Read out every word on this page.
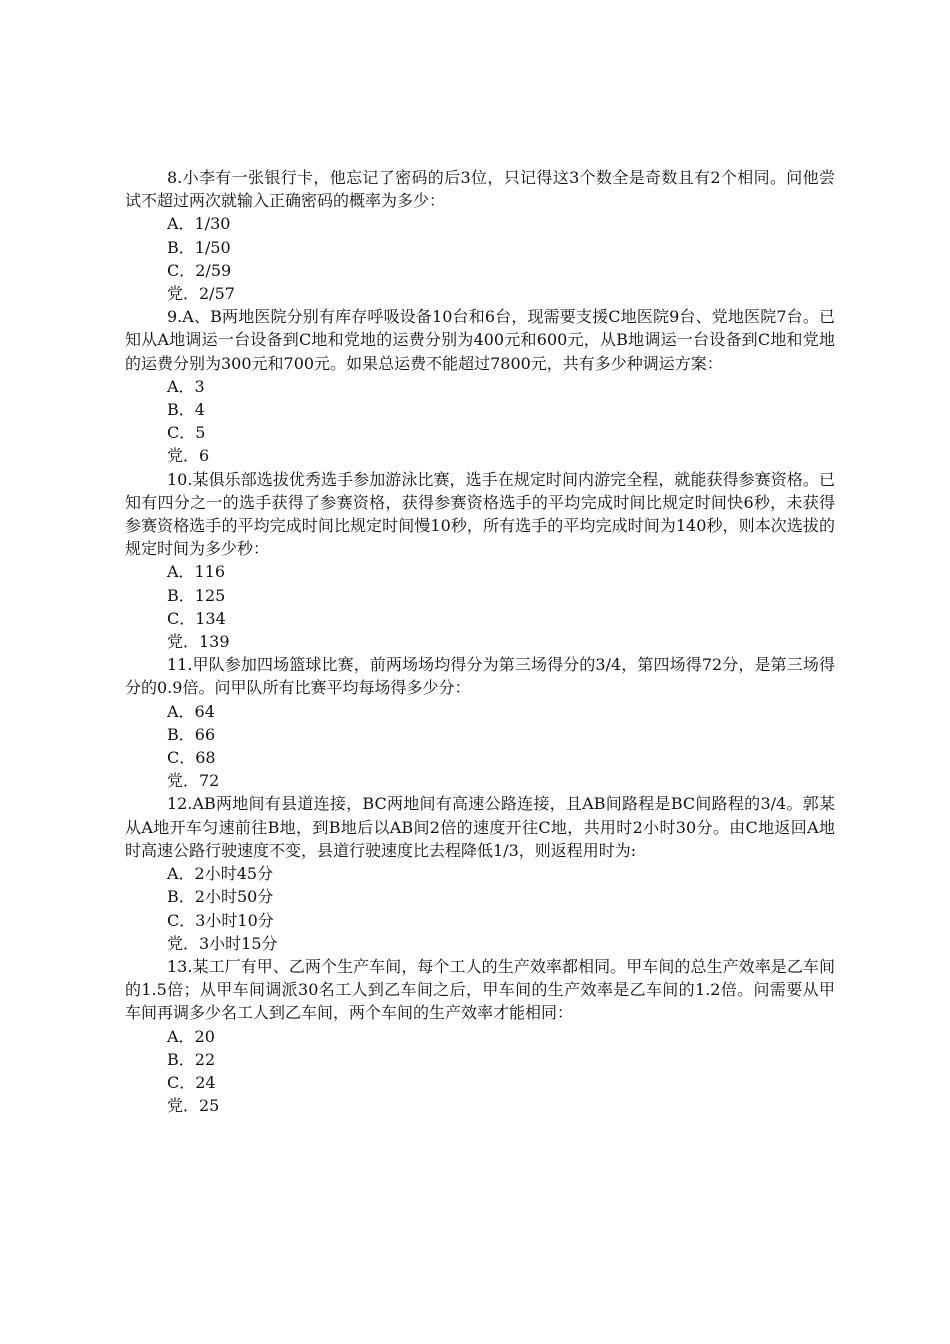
8.小李有一张银行卡，他忘记了密码的后3位，只记得这3个数全是奇数且有2个相同。问他尝试不超过两次就输入正确密码的概率为多少：

A．1/30

B．1/50

C．2/59

党．2/57

9.A、B两地医院分别有库存呼吸设备10台和6台，现需要支援C地医院9台、党地医院7台。已知从A地调运一台设备到C地和党地的运费分别为400元和600元，从B地调运一台设备到C地和党地的运费分别为300元和700元。如果总运费不能超过7800元，共有多少种调运方案：

A．3

B．4

C．5

党．6

10.某俱乐部选拔优秀选手参加游泳比赛，选手在规定时间内游完全程，就能获得参赛资格。已知有四分之一的选手获得了参赛资格，获得参赛资格选手的平均完成时间比规定时间快6秒，未获得参赛资格选手的平均完成时间比规定时间慢10秒，所有选手的平均完成时间为140秒，则本次选拔的规定时间为多少秒：

A．116

B．125

C．134

党．139

11.甲队参加四场篮球比赛，前两场场均得分为第三场得分的3/4，第四场得72分，是第三场得分的0.9倍。问甲队所有比赛平均每场得多少分：

A．64

B．66

C．68

党．72

12.AB两地间有县道连接，BC两地间有高速公路连接，且AB间路程是BC间路程的3/4。郭某从A地开车匀速前往B地，到B地后以AB间2倍的速度开往C地，共用时2小时30分。由C地返回A地时高速公路行驶速度不变，县道行驶速度比去程降低1/3，则返程用时为:

A．2小时45分

B．2小时50分

C．3小时10分

党．3小时15分

13.某工厂有甲、乙两个生产车间，每个工人的生产效率都相同。甲车间的总生产效率是乙车间的1.5倍；从甲车间调派30名工人到乙车间之后，甲车间的生产效率是乙车间的1.2倍。问需要从甲车间再调多少名工人到乙车间，两个车间的生产效率才能相同：

A．20

B．22

C．24

党．25
